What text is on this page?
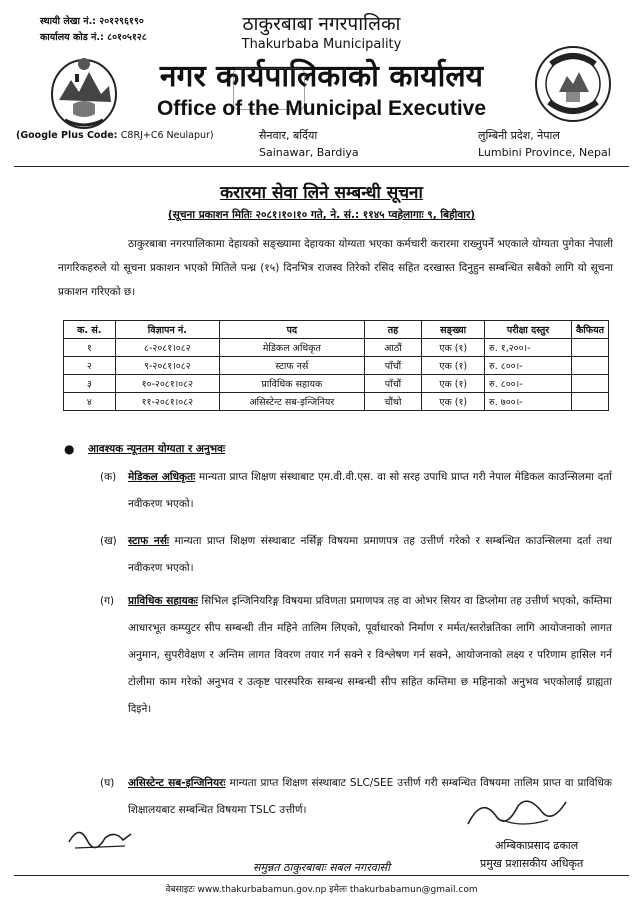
स्थायी लेखा नं.: २०१२९६१९०
कार्यालय कोड नं.: ८०१०५१२८
ठाकुरबाबा नगरपालिका
Thakurbaba Municipality
नगर कार्यपालिकाको कार्यालय
Office of the Municipal Executive
(Google Plus Code: C8RJ+C6 Neulapur)	सैनवार, बर्दिया
Sainawar, Bardiya
लुम्बिनी प्रदेश, नेपाल
Lumbini Province, Nepal
करारमा सेवा लिने सम्बन्धी सूचना
(सूचना प्रकाशन मितिः २०८१।१०।१० गते, ने. सं.: ११४५ प्वहेलागाः ९, बिहीवार)
ठाकुरबाबा नगरपालिकामा देहायको सङ्ख्यामा देहायका योग्यता भएका कर्मचारी करारमा राख्नुपर्ने भएकाले योग्यता पुगेका नेपाली नागरिकहरुले यो सूचना प्रकाशन भएको मितिले पन्ध्र (१५) दिनभित्र राजस्व तिरेको रसिद सहित दरखास्त दिनुहुन सम्बन्धित सबैको लागि यो सूचना प्रकाशन गरिएको छ।
क. सं.	विज्ञापन नं.	पद	तह	सङ्ख्या	परीक्षा दस्तुर	कैफियत
१	८-२०८१।०८२	मेडिकल अधिकृत	आठौं	एक (१)	रु. १,२००।-	
२	९-२०८१।०८२	स्टाफ नर्स	पाँचौं	एक (१)	रु. ८००।-	
३	१०-२०८१।०८२	प्राविधिक सहायक	पाँचौं	एक (१)	रु. ८००।-	
४	११-२०८१।०८२	असिस्टेन्ट सब-इन्जिनियर	चौंथो	एक (१)	रु. ७००।-	
● आवश्यक न्यूनतम योग्यता र अनुभवः
(क) मेडिकल अधिकृतः मान्यता प्राप्त शिक्षण संस्थाबाट एम.वी.वी.एस. वा सो सरह उपाधि प्राप्त गरी नेपाल मेडिकल काउन्सिलमा दर्ता नवीकरण भएको।
(ख) स्टाफ नर्सः मान्यता प्राप्त शिक्षण संस्थाबाट नर्सिङ्ग विषयमा प्रमाणपत्र तह उत्तीर्ण गरेको र सम्बन्धित काउन्सिलमा दर्ता तथा नवीकरण भएको।
(ग) प्राविधिक सहायकः सिभिल इन्जिनियरिङ्ग विषयमा प्रविणता प्रमाणपत्र तह वा ओभर सियर वा डिप्लोमा तह उत्तीर्ण भएको, कम्तिमा आधारभूत कम्प्युटर सीप सम्बन्धी तीन महिने तालिम लिएको, पूर्वाधारको निर्माण र मर्मत/स्तरोन्नतिका लागि आयोजनाको लागत अनुमान, सुपरीवेक्षण र अन्तिम लागत विवरण तयार गर्न सक्ने र विश्लेषण गर्न सक्ने, आयोजनाको लक्ष्य र परिणाम हासिल गर्न टोलीमा काम गरेको अनुभव र उत्कृष्ट पारस्परिक सम्बन्ध सम्बन्धी सीप सहित कम्तिमा छ महिनाको अनुभव भएकोलाई ग्राह्यता दिइने।
(घ) असिस्टेन्ट सब-इन्जिनियरः मान्यता प्राप्त शिक्षण संस्थाबाट SLC/SEE उत्तीर्ण गरी सम्बन्धित विषयमा तालिम प्राप्त वा प्राविधिक शिक्षालयबाट सम्बन्धित विषयमा TSLC उत्तीर्ण।
अम्बिकाप्रसाद ढकाल
प्रमुख प्रशासकीय अधिकृत
समुन्नत ठाकुरबाबाः सबल नगरवासी
वेबसाइटः www.thakurbabamun.gov.np इमेलः thakurbabamun@gmail.com
